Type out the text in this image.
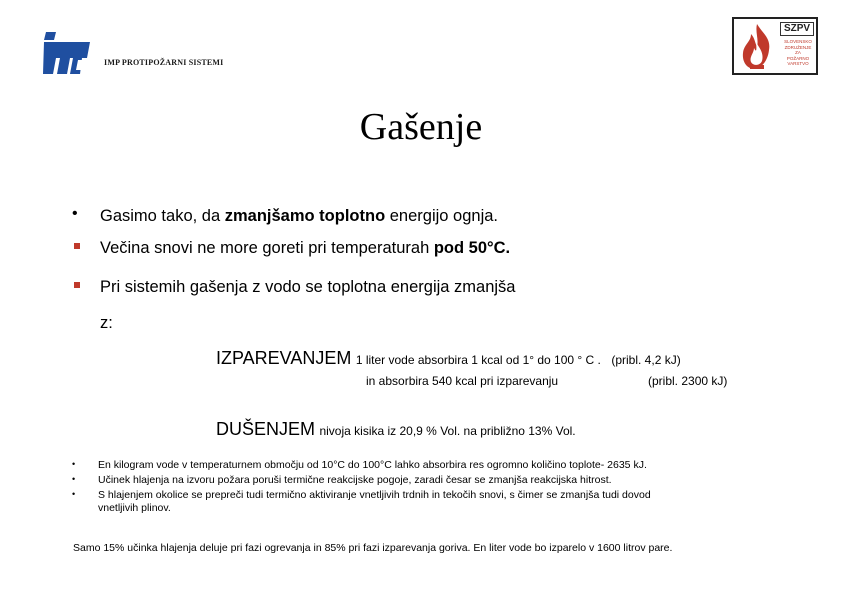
IMP PROTIPOŽARNI SISTEMI
SZPV
SLOVENSKO
ZDRUŽENJE
ZA
POŽARNO
VARSTVO
Gašenje
• Gasimo tako, da zmanjšamo toplotno energijo ognja.
Večina snovi ne more goreti pri temperaturah pod 50°C.
Pri sistemih gašenja z vodo se toplotna energija zmanjša
z:
IZPAREVANJEM 1 liter vode absorbira 1 kcal od 1° do 100 ° C . (pribl. 4,2 kJ)
in absorbira 540 kcal pri izparevanju	(pribl. 2300 kJ)
DUŠENJEM nivoja kisika iz 20,9 % Vol. na približno 13% Vol.
• En kilogram vode v temperaturnem območju od 10°C do 100°C lahko absorbira res ogromno količino toplote- 2635 kJ.
• Učinek hlajenja na izvoru požara poruši termične reakcijske pogoje, zaradi česar se zmanjša reakcijska hitrost.
• S hlajenjem okolice se prepreči tudi termično aktiviranje vnetljivih trdnih in tekočih snovi, s čimer se zmanjša tudi dovod
vnetljivih plinov.
Samo 15% učinka hlajenja deluje pri fazi ogrevanja in 85% pri fazi izparevanja goriva. En liter vode bo izparelo v 1600 litrov pare.
